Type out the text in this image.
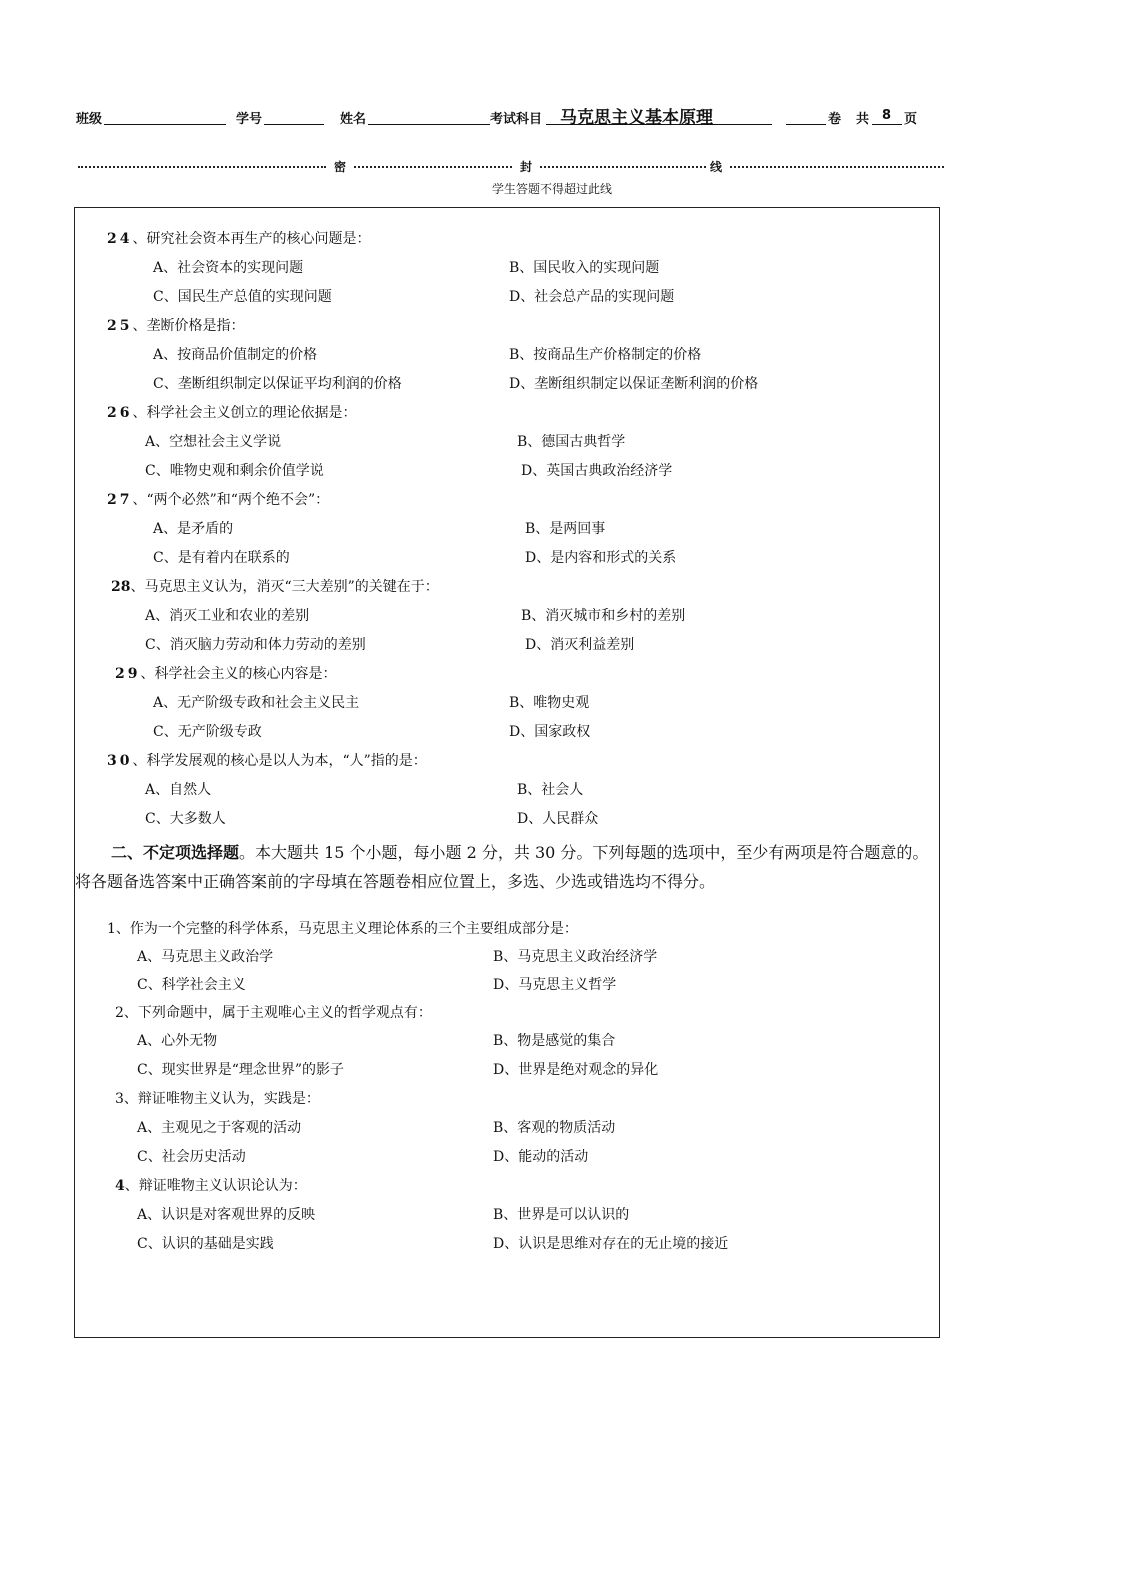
班级	学号	姓名	考试科目 马克思主义基本原理	卷 共 8 页
密	封	线
学生答题不得超过此线
24、研究社会资本再生产的核心问题是：
A、社会资本的实现问题	B、国民收入的实现问题
C、国民生产总值的实现问题	D、社会总产品的实现问题
25、垄断价格是指：
A、按商品价值制定的价格	B、按商品生产价格制定的价格
C、垄断组织制定以保证平均利润的价格	D、垄断组织制定以保证垄断利润的价格
26、科学社会主义创立的理论依据是：
A、空想社会主义学说	B、德国古典哲学
C、唯物史观和剩余价值学说	D、英国古典政治经济学
27、“两个必然”和“两个绝不会”：
A、是矛盾的	B、是两回事
C、是有着内在联系的	D、是内容和形式的关系
28、马克思主义认为，消灭“三大差别”的关键在于：
A、消灭工业和农业的差别	B、消灭城市和乡村的差别
C、消灭脑力劳动和体力劳动的差别	D、消灭利益差别
29、科学社会主义的核心内容是：
A、无产阶级专政和社会主义民主	B、唯物史观
C、无产阶级专政	D、国家政权
30、科学发展观的核心是以人为本，“人”指的是：
A、自然人	B、社会人
C、大多数人	D、人民群众
二、不定项选择题。本大题共 15 个小题，每小题 2 分，共 30 分。下列每题的选项中，至少有两项是符合题意的。
将各题备选答案中正确答案前的字母填在答题卷相应位置上，多选、少选或错选均不得分。
1、作为一个完整的科学体系，马克思主义理论体系的三个主要组成部分是：
A、马克思主义政治学	B、马克思主义政治经济学
C、科学社会主义	D、马克思主义哲学
2、下列命题中，属于主观唯心主义的哲学观点有：
A、心外无物	B、物是感觉的集合
C、现实世界是“理念世界”的影子	D、世界是绝对观念的异化
3、辩证唯物主义认为，实践是：
A、主观见之于客观的活动	B、客观的物质活动
C、社会历史活动	D、能动的活动
4、辩证唯物主义认识论认为：
A、认识是对客观世界的反映	B、世界是可以认识的
C、认识的基础是实践	D、认识是思维对存在的无止境的接近
